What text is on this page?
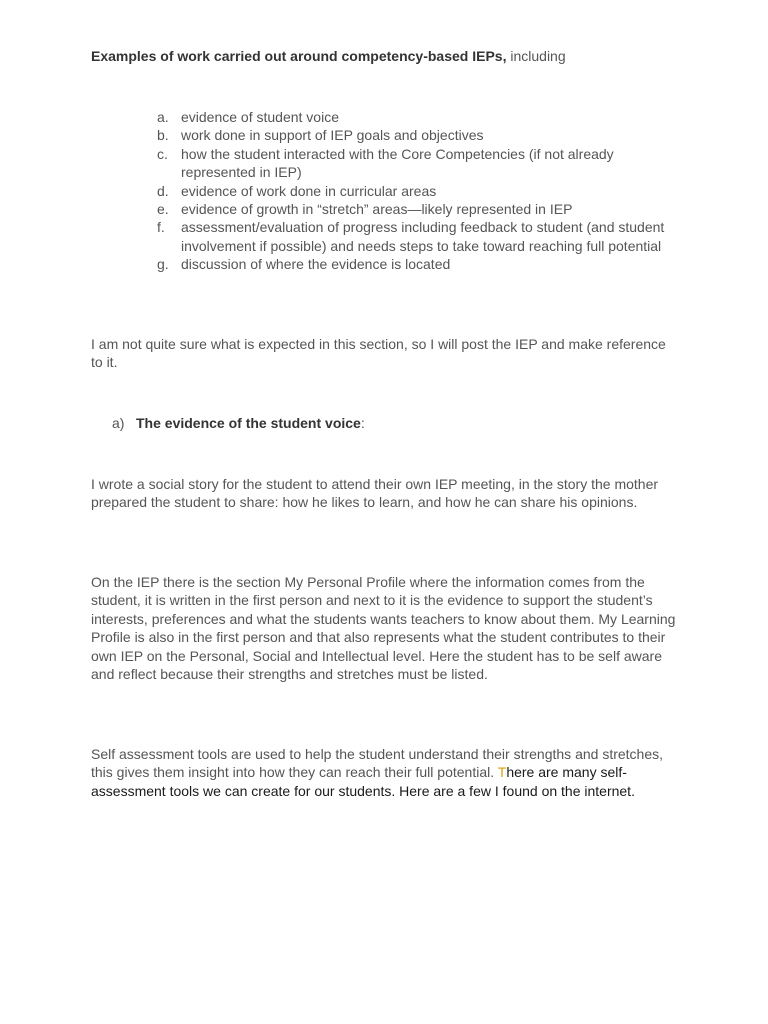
Examples of work carried out around competency-based IEPs, including
a. evidence of student voice
b. work done in support of IEP goals and objectives
c. how the student interacted with the Core Competencies (if not already represented in IEP)
d. evidence of work done in curricular areas
e. evidence of growth in “stretch” areas—likely represented in IEP
f. assessment/evaluation of progress including feedback to student (and student involvement if possible) and needs steps to take toward reaching full potential
g. discussion of where the evidence is located

I am not quite sure what is expected in this section, so I will post the IEP and make reference to it.

a) The evidence of the student voice:

I wrote a social story for the student to attend their own IEP meeting, in the story the mother prepared the student to share: how he likes to learn, and how he can share his opinions.

On the IEP there is the section My Personal Profile where the information comes from the student, it is written in the first person and next to it is the evidence to support the student’s interests, preferences and what the students wants teachers to know about them. My Learning Profile is also in the first person and that also represents what the student contributes to their own IEP on the Personal, Social and Intellectual level. Here the student has to be self aware and reflect because their strengths and stretches must be listed.

Self assessment tools are used to help the student understand their strengths and stretches, this gives them insight into how they can reach their full potential. There are many self-assessment tools we can create for our students. Here are a few I found on the internet.
